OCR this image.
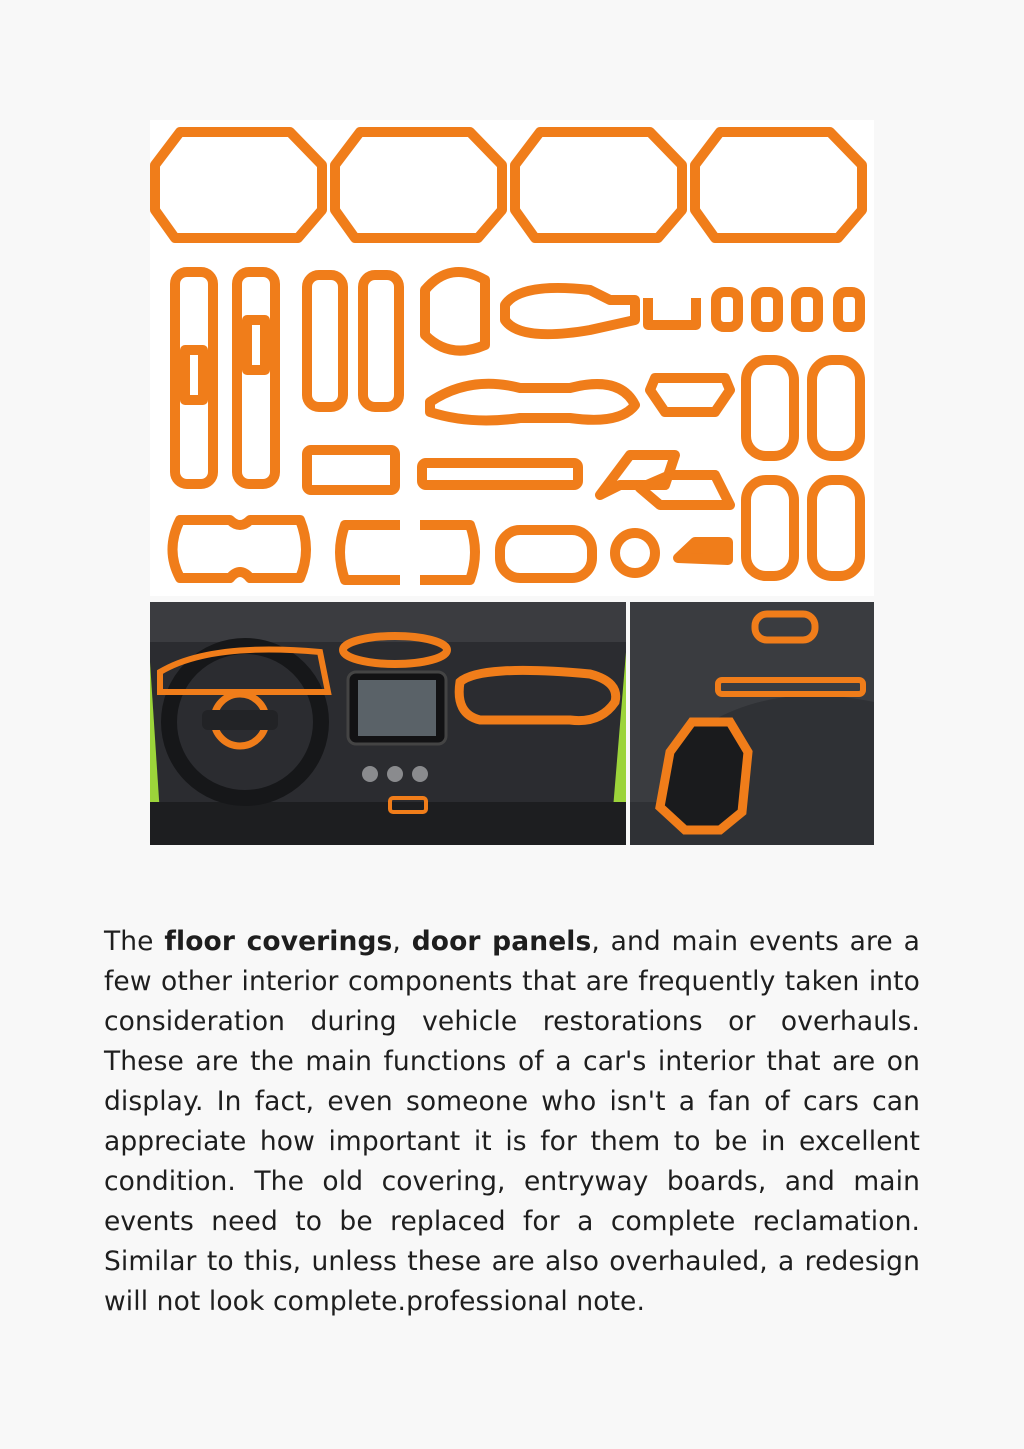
The floor coverings, door panels, and main events are a few other interior components that are frequently taken into consideration during vehicle restorations or overhauls. These are the main functions of a car's interior that are on display. In fact, even someone who isn't a fan of cars can appreciate how important it is for them to be in excellent condition. The old covering, entryway boards, and main events need to be replaced for a complete reclamation. Similar to this, unless these are also overhauled, a redesign will not look complete.professional note.
